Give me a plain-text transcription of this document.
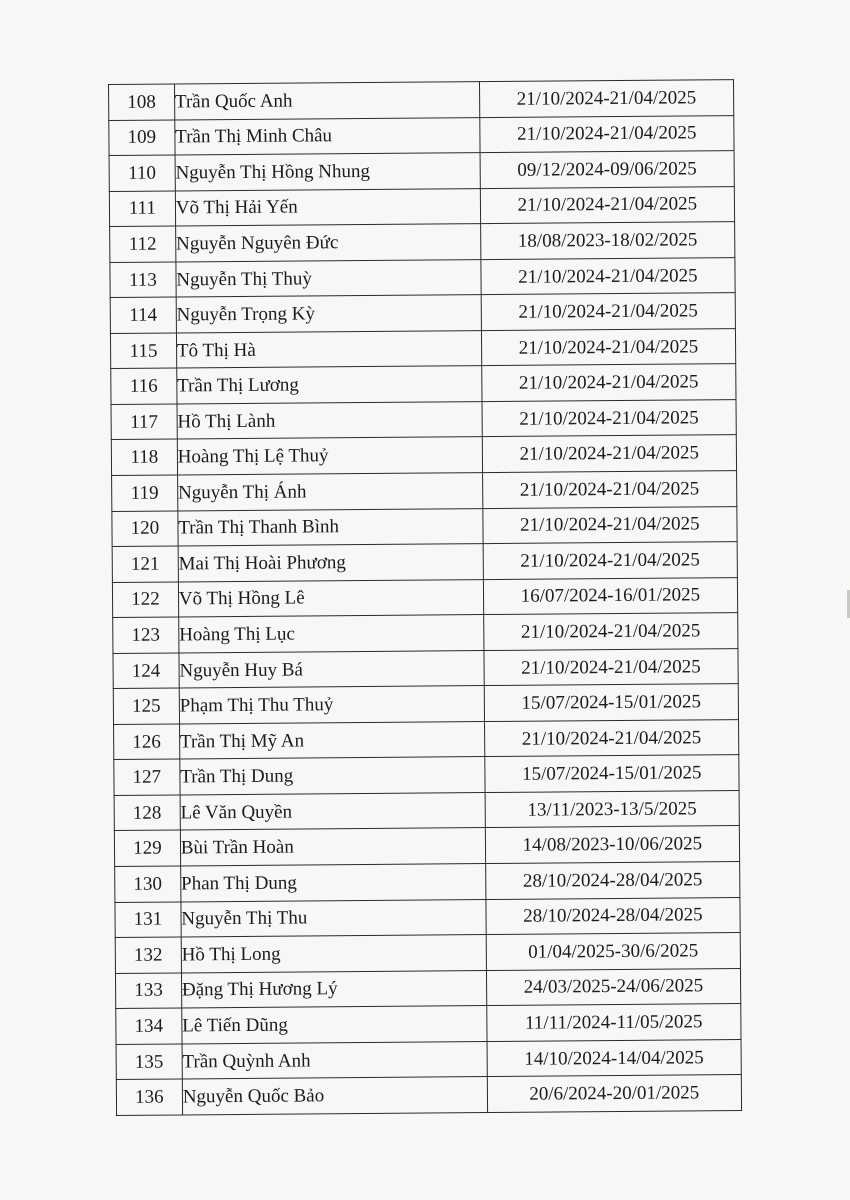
108	Trần Quốc Anh	21/10/2024-21/04/2025
109	Trần Thị Minh Châu	21/10/2024-21/04/2025
110	Nguyễn Thị Hồng Nhung	09/12/2024-09/06/2025
111	Võ Thị Hải Yến	21/10/2024-21/04/2025
112	Nguyễn Nguyên Đức	18/08/2023-18/02/2025
113	Nguyễn Thị Thuỳ	21/10/2024-21/04/2025
114	Nguyễn Trọng Kỳ	21/10/2024-21/04/2025
115	Tô Thị Hà	21/10/2024-21/04/2025
116	Trần Thị Lương	21/10/2024-21/04/2025
117	Hồ Thị Lành	21/10/2024-21/04/2025
118	Hoàng Thị Lệ Thuỷ	21/10/2024-21/04/2025
119	Nguyễn Thị Ánh	21/10/2024-21/04/2025
120	Trần Thị Thanh Bình	21/10/2024-21/04/2025
121	Mai Thị Hoài Phương	21/10/2024-21/04/2025
122	Võ Thị Hồng Lê	16/07/2024-16/01/2025
123	Hoàng Thị Lục	21/10/2024-21/04/2025
124	Nguyễn Huy Bá	21/10/2024-21/04/2025
125	Phạm Thị Thu Thuỷ	15/07/2024-15/01/2025
126	Trần Thị Mỹ An	21/10/2024-21/04/2025
127	Trần Thị Dung	15/07/2024-15/01/2025
128	Lê Văn Quyền	13/11/2023-13/5/2025
129	Bùi Trần Hoàn	14/08/2023-10/06/2025
130	Phan Thị Dung	28/10/2024-28/04/2025
131	Nguyễn Thị Thu	28/10/2024-28/04/2025
132	Hồ Thị Long	01/04/2025-30/6/2025
133	Đặng Thị Hương Lý	24/03/2025-24/06/2025
134	Lê Tiến Dũng	11/11/2024-11/05/2025
135	Trần Quỳnh Anh	14/10/2024-14/04/2025
136	Nguyễn Quốc Bảo	20/6/2024-20/01/2025
